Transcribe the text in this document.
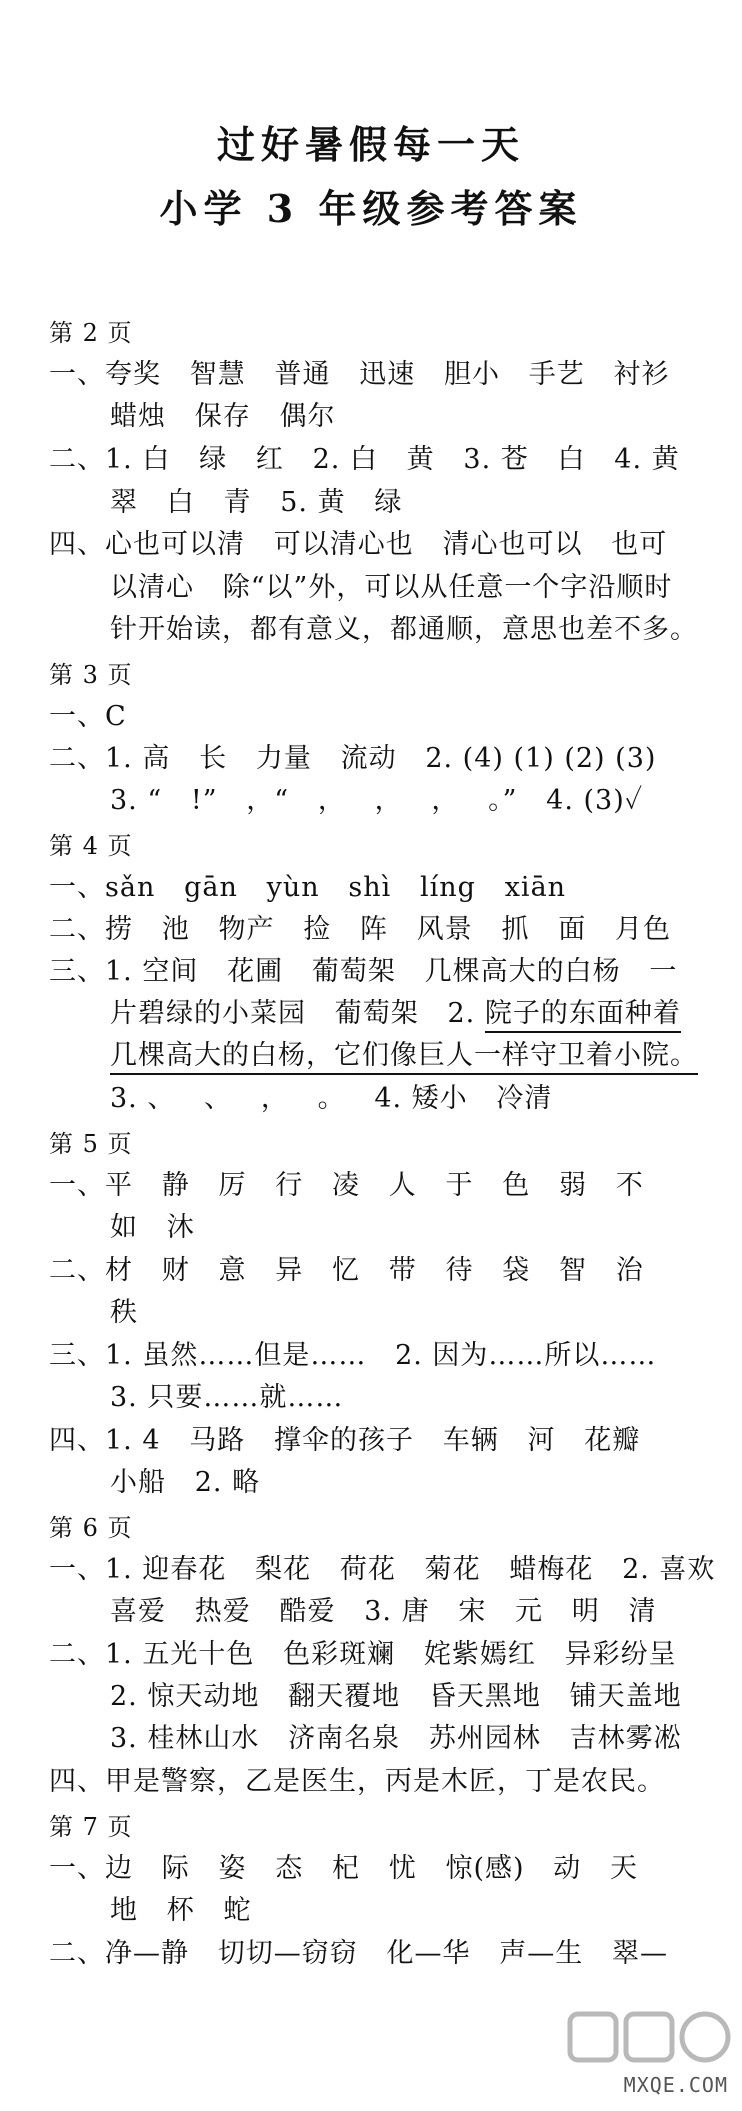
过好暑假每一天
小学 3 年级参考答案
第 2 页
一、夸奖   智慧   普通   迅速   胆小   手艺   衬衫
蜡烛   保存   偶尔
二、1. 白   绿   红   2. 白   黄   3. 苍   白   4. 黄
翠   白   青   5. 黄   绿
四、心也可以清   可以清心也   清心也可以   也可
以清心   除“以”外，可以从任意一个字沿顺时
针开始读，都有意义，都通顺，意思也差不多。
第 3 页
一、C
二、1. 高   长   力量   流动   2. (4) (1) (2) (3)
3. “   !”   ，“   ，   ，   ，   。”   4. (3)✓
第 4 页
一、sǎn   gān   yùn   shì   líng   xiān
二、捞   池   物产   捡   阵   风景   抓   面   月色
三、1. 空间   花圃   葡萄架   几棵高大的白杨   一
片碧绿的小菜园   葡萄架   2. 院子的东面种着
几棵高大的白杨，它们像巨人一样守卫着小院。
3. 、   、   ，   。   4. 矮小   冷清
第 5 页
一、平   静   厉   行   凌   人   于   色   弱   不
如   沐
二、材   财   意   异   忆   带   待   袋   智   治
秩
三、1. 虽然……但是……   2. 因为……所以……
3. 只要……就……
四、1. 4   马路   撑伞的孩子   车辆   河   花瓣
小船   2. 略
第 6 页
一、1. 迎春花   梨花   荷花   菊花   蜡梅花   2. 喜欢
喜爱   热爱   酷爱   3. 唐   宋   元   明   清
二、1. 五光十色   色彩斑斓   姹紫嫣红   异彩纷呈
2. 惊天动地   翻天覆地   昏天黑地   铺天盖地
3. 桂林山水   济南名泉   苏州园林   吉林雾凇
四、甲是警察，乙是医生，丙是木匠，丁是农民。
第 7 页
一、边   际   姿   态   杞   忧   惊(感)   动   天
地   杯   蛇
二、净—静   切切—窃窃   化—华   声—生   翠—
MXQE.COM
